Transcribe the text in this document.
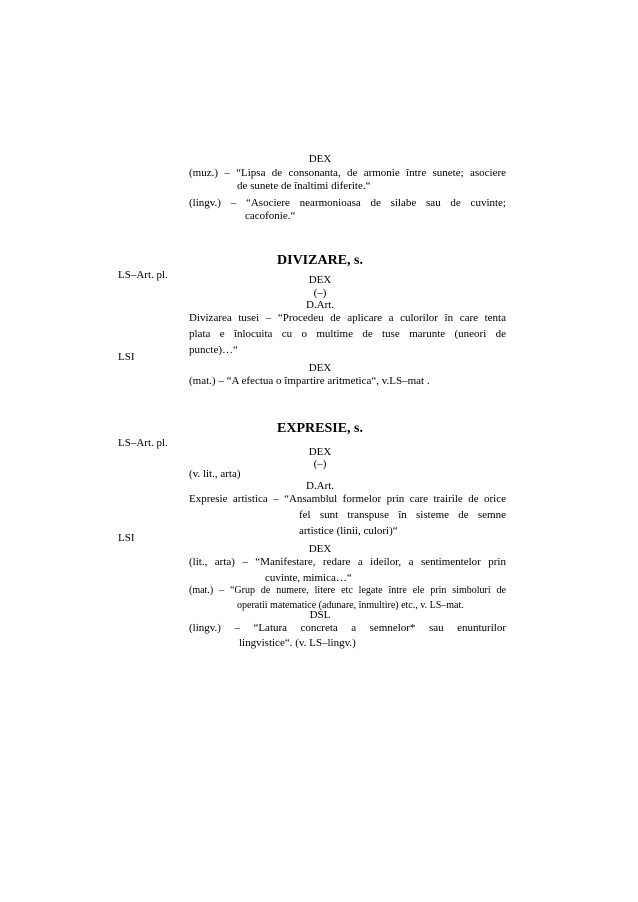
DEX

(muz.) – “Lipsa de consonanta, de armonie între sunete; asociere

de sunete de înaltimi diferite.“

(lingv.) – “Asociere nearmonioasa de silabe sau de cuvinte;

cacofonie.“

DIVIZARE, s.
LS–Art. pl.	DEX
(–)
D.Art.

Divizarea tusei – “Procedeu de aplicare a culorilor în care tenta

plata e înlocuita cu o multime de tuse marunte (uneori de

puncte)…“

LSI
DEX
(mat.) – “A efectua o împartire aritmetica“, v.LS–mat .
EXPRESIE, s.
LS–Art. pl.
DEX
(–)
(v. lit., arta)
D.Art.

Expresie artistica – “Ansamblul formelor prin care trairile de orice

fel sunt transpuse în sisteme de semne

artistice (linii, culori)“

LSI
DEX

(lit., arta) – “Manifestare, redare a ideilor, a sentimentelor prin

cuvinte, mimica…“

(mat.) – “Grup de numere, litere etc legate între ele prin simboluri de

operatii matematice (adunare, înmultire) etc., v. LS–mat.

DSL

(lingv.) – “Latura concreta a semnelor* sau enunturilor

lingvistice“. (v. LS–lingv.)
